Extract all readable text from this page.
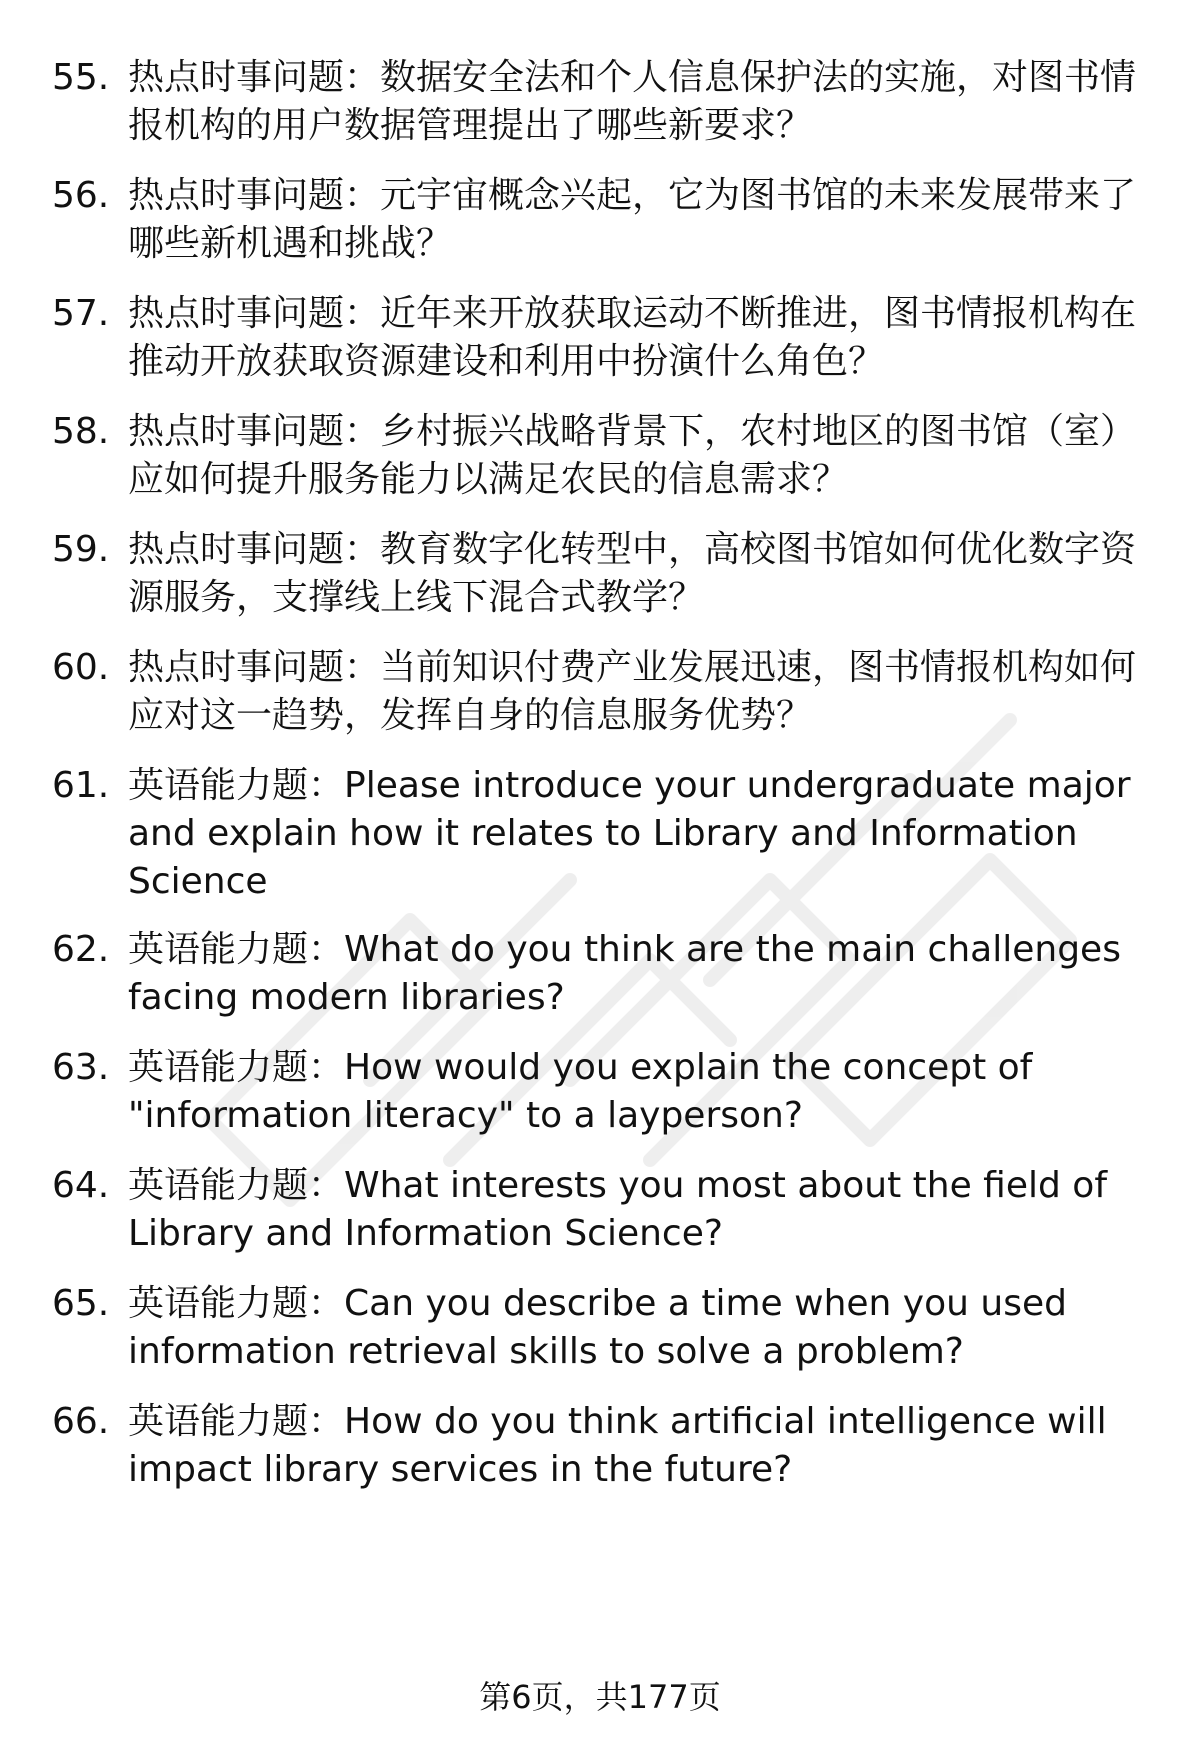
55. 热点时事问题：数据安全法和个人信息保护法的实施，对图书情报机构的用户数据管理提出了哪些新要求？
56. 热点时事问题：元宇宙概念兴起，它为图书馆的未来发展带来了哪些新机遇和挑战？
57. 热点时事问题：近年来开放获取运动不断推进，图书情报机构在推动开放获取资源建设和利用中扮演什么角色？
58. 热点时事问题：乡村振兴战略背景下，农村地区的图书馆（室）应如何提升服务能力以满足农民的信息需求？
59. 热点时事问题：教育数字化转型中，高校图书馆如何优化数字资源服务，支撑线上线下混合式教学？
60. 热点时事问题：当前知识付费产业发展迅速，图书情报机构如何应对这一趋势，发挥自身的信息服务优势？
61. 英语能力题：Please introduce your undergraduate major and explain how it relates to Library and Information Science
62. 英语能力题：What do you think are the main challenges facing modern libraries?
63. 英语能力题：How would you explain the concept of "information literacy" to a layperson?
64. 英语能力题：What interests you most about the field of Library and Information Science?
65. 英语能力题：Can you describe a time when you used information retrieval skills to solve a problem?
66. 英语能力题：How do you think artificial intelligence will impact library services in the future?
第6页，共177页
